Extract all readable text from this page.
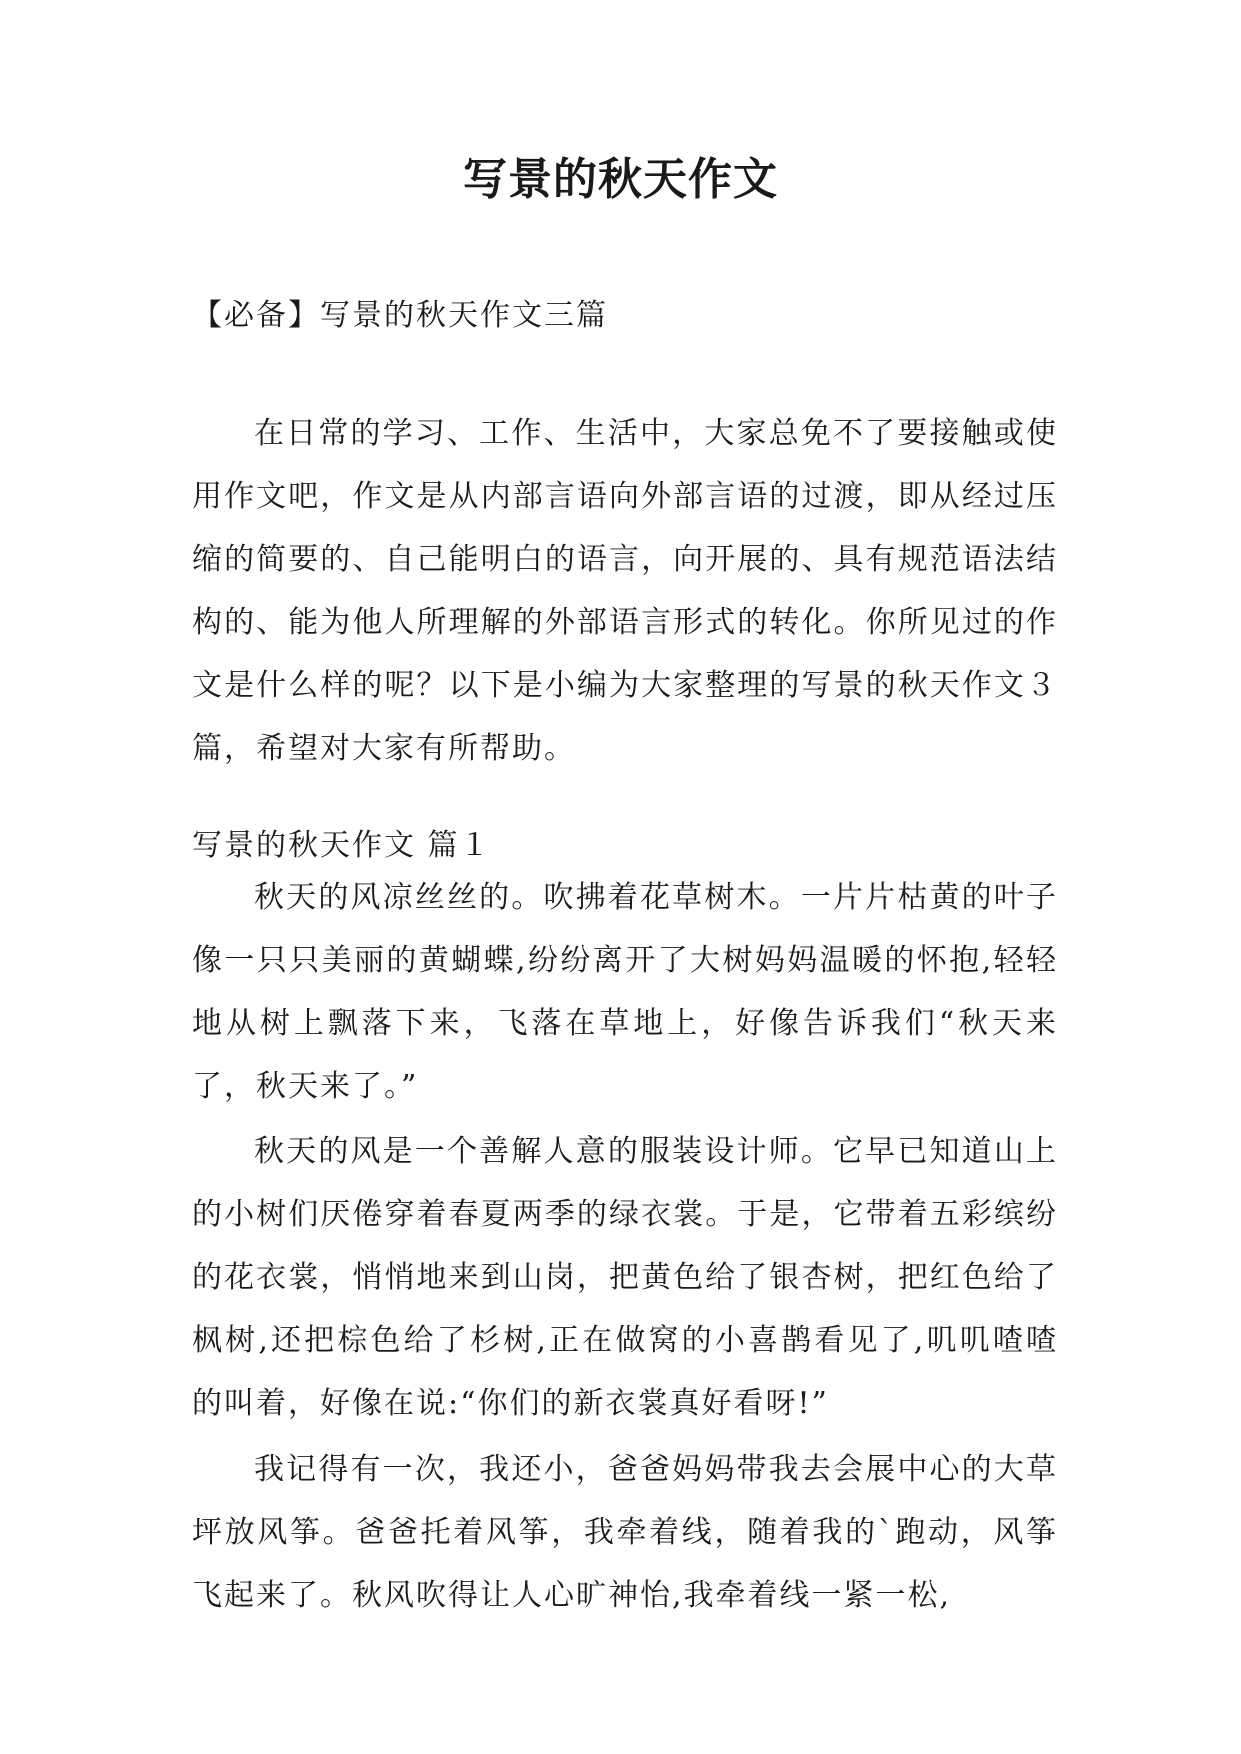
写景的秋天作文
【必备】写景的秋天作文三篇
在日常的学习、工作、生活中，大家总免不了要接触或使用作文吧，作文是从内部言语向外部言语的过渡，即从经过压缩的简要的、自己能明白的语言，向开展的、具有规范语法结构的、能为他人所理解的外部语言形式的转化。你所见过的作文是什么样的呢？以下是小编为大家整理的写景的秋天作文３篇，希望对大家有所帮助。
写景的秋天作文 篇１
秋天的风凉丝丝的。吹拂着花草树木。一片片枯黄的叶子像一只只美丽的黄蝴蝶,纷纷离开了大树妈妈温暖的怀抱,轻轻地从树上飘落下来，飞落在草地上，好像告诉我们“秋天来了，秋天来了。”
秋天的风是一个善解人意的服装设计师。它早已知道山上的小树们厌倦穿着春夏两季的绿衣裳。于是，它带着五彩缤纷的花衣裳，悄悄地来到山岗，把黄色给了银杏树，把红色给了枫树,还把棕色给了杉树,正在做窝的小喜鹊看见了,叽叽喳喳的叫着，好像在说:“你们的新衣裳真好看呀!”
我记得有一次，我还小，爸爸妈妈带我去会展中心的大草坪放风筝。爸爸托着风筝，我牵着线，随着我的`跑动，风筝飞起来了。秋风吹得让人心旷神怡,我牵着线一紧一松,
